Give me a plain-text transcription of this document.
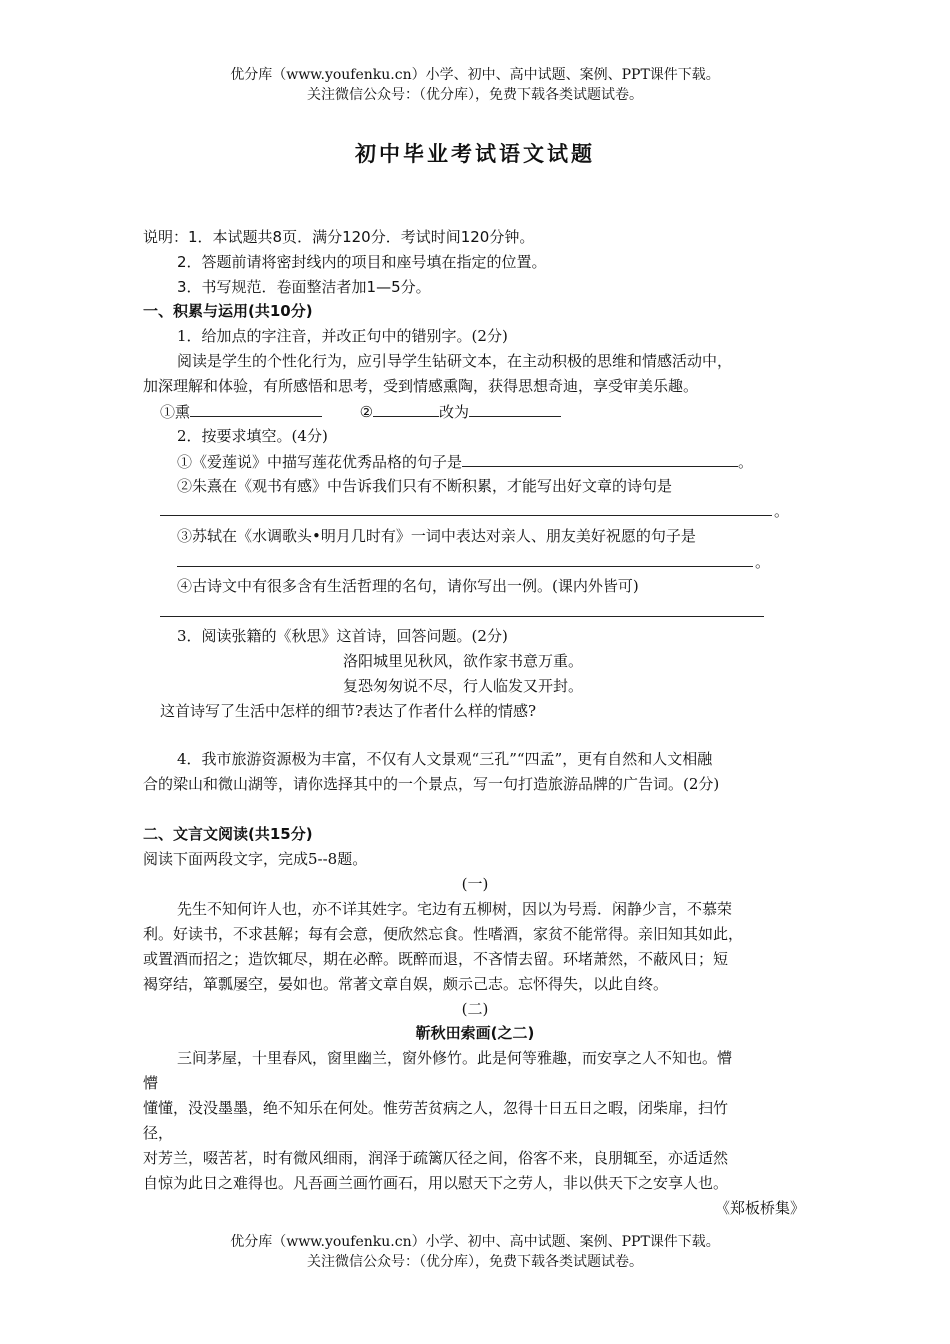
优分库（www.youfenku.cn）小学、初中、高中试题、案例、PPT课件下载。
关注微信公众号：（优分库），免费下载各类试题试卷。
初中毕业考试语文试题
说明：1．本试题共8页．满分120分．考试时间120分钟。
2．答题前请将密封线内的项目和座号填在指定的位置。
3．书写规范．卷面整洁者加1—5分。
一、积累与运用(共10分)
1．给加点的字注音，并改正句中的错别字。(2分)
阅读是学生的个性化行为，应引导学生钻研文本，在主动积极的思维和情感活动中，
加深理解和体验，有所感悟和思考，受到情感熏陶，获得思想奇迪，享受审美乐趣。
①熏	②	改为
2．按要求填空。(4分)
①《爱莲说》中描写莲花优秀品格的句子是	。
②朱熹在《观书有感》中告诉我们只有不断积累，才能写出好文章的诗句是
。
③苏轼在《水调歌头•明月几时有》一词中表达对亲人、朋友美好祝愿的句子是
。
④古诗文中有很多含有生活哲理的名句，请你写出一例。(课内外皆可)
3．阅读张籍的《秋思》这首诗，回答问题。(2分)
洛阳城里见秋风，欲作家书意万重。
复恐匆匆说不尽，行人临发又开封。
这首诗写了生活中怎样的细节?表达了作者什么样的情感?
4．我市旅游资源极为丰富，不仅有人文景观“三孔”“四孟”，更有自然和人文相融
合的梁山和微山湖等，请你选择其中的一个景点，写一句打造旅游品牌的广告词。(2分)
二、文言文阅读(共15分)
阅读下面两段文字，完成5--8题。
(一)
先生不知何许人也，亦不详其姓字。宅边有五柳树，因以为号焉．闲静少言，不慕荣
利。好读书，不求甚解；每有会意，便欣然忘食。性嗜酒，家贫不能常得。亲旧知其如此，
或置酒而招之；造饮辄尽，期在必醉。既醉而退，不吝情去留。环堵萧然，不蔽风日；短
褐穿结，箪瓢屡空，晏如也。常著文章自娱，颇示己志。忘怀得失，以此自终。
(二)
靳秋田索画(之二)
三间茅屋，十里春风，窗里幽兰，窗外修竹。此是何等雅趣，而安享之人不知也。懵
懵
懂懂，没没墨墨，绝不知乐在何处。惟劳苦贫病之人，忽得十日五日之暇，闭柴扉，扫竹
径，
对芳兰，啜苦茗，时有微风细雨，润泽于疏篱仄径之间，俗客不来，良朋辄至，亦适适然
自惊为此日之难得也。凡吾画兰画竹画石，用以慰天下之劳人，非以供天下之安享人也。
《郑板桥集》
优分库（www.youfenku.cn）小学、初中、高中试题、案例、PPT课件下载。
关注微信公众号：（优分库），免费下载各类试题试卷。
